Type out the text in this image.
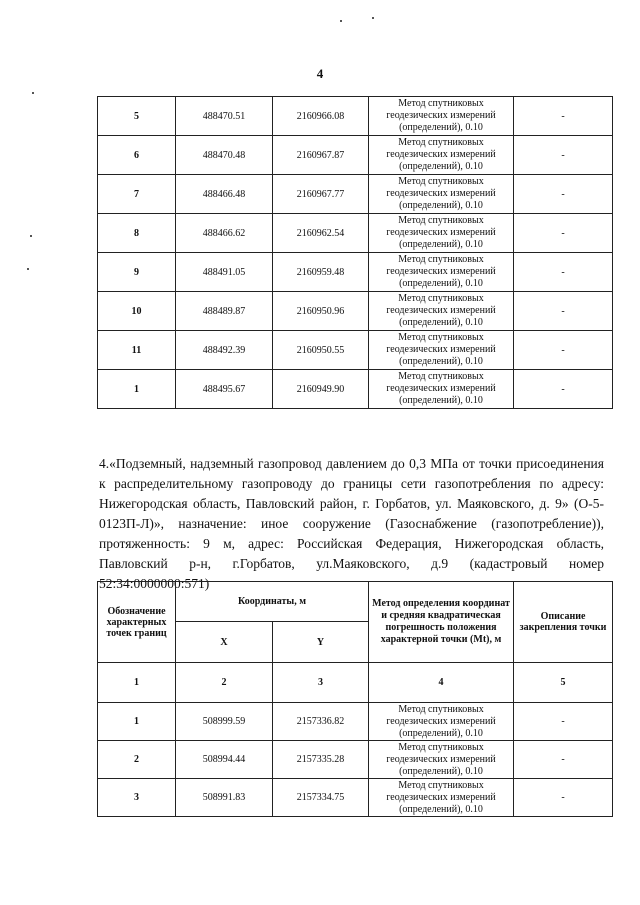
4
5	488470.51	2160966.08	Метод спутниковых геодезических измерений (определений), 0.10	-
6	488470.48	2160967.87	Метод спутниковых геодезических измерений (определений), 0.10	-
7	488466.48	2160967.77	Метод спутниковых геодезических измерений (определений), 0.10	-
8	488466.62	2160962.54	Метод спутниковых геодезических измерений (определений), 0.10	-
9	488491.05	2160959.48	Метод спутниковых геодезических измерений (определений), 0.10	-
10	488489.87	2160950.96	Метод спутниковых геодезических измерений (определений), 0.10	-
11	488492.39	2160950.55	Метод спутниковых геодезических измерений (определений), 0.10	-
1	488495.67	2160949.90	Метод спутниковых геодезических измерений (определений), 0.10	-
4.«Подземный, надземный газопровод давлением до 0,3 МПа от точки присоединения к распределительному газопроводу до границы сети газопотребления по адресу: Нижегородская область, Павловский район, г. Горбатов, ул. Маяковского, д. 9» (О-5-0123П-Л)», назначение: иное сооружение (Газоснабжение (газопотребление)), протяженность: 9 м, адрес: Российская Федерация, Нижегородская область, Павловский р-н, г.Горбатов, ул.Маяковского, д.9 (кадастровый номер 52:34:0000000:571)
Обозначение характерных точек границ	Координаты, м		Метод определения координат и средняя квадратическая погрешность положения характерной точки (Mt), м	Описание закрепления точки
	X	Y		
1	2	3	4	5
1	508999.59	2157336.82	Метод спутниковых геодезических измерений (определений), 0.10	-
2	508994.44	2157335.28	Метод спутниковых геодезических измерений (определений), 0.10	-
3	508991.83	2157334.75	Метод спутниковых геодезических измерений (определений), 0.10	-
